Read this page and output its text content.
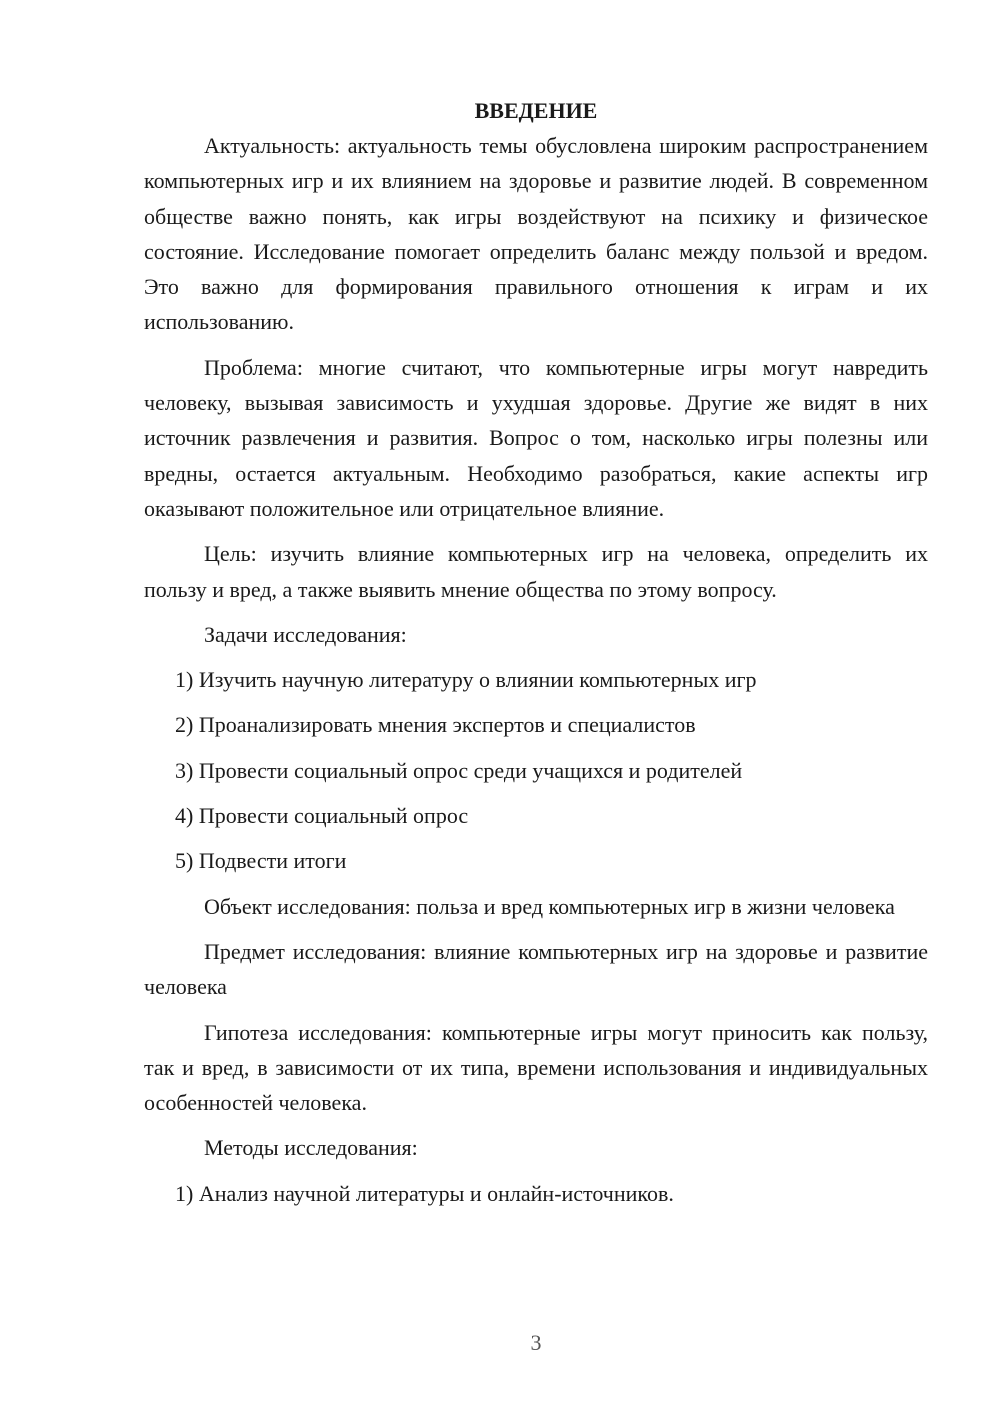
ВВЕДЕНИЕ

Актуальность: актуальность темы обусловлена широким распространением компьютерных игр и их влиянием на здоровье и развитие людей. В современном обществе важно понять, как игры воздействуют на психику и физическое состояние. Исследование помогает определить баланс между пользой и вредом. Это важно для формирования правильного отношения к играм и их использованию.

Проблема: многие считают, что компьютерные игры могут навредить человеку, вызывая зависимость и ухудшая здоровье. Другие же видят в них источник развлечения и развития. Вопрос о том, насколько игры полезны или вредны, остается актуальным. Необходимо разобраться, какие аспекты игр оказывают положительное или отрицательное влияние.

Цель: изучить влияние компьютерных игр на человека, определить их пользу и вред, а также выявить мнение общества по этому вопросу.

Задачи исследования:

1) Изучить научную литературу о влиянии компьютерных игр

2) Проанализировать мнения экспертов и специалистов

3) Провести социальный опрос среди учащихся и родителей

4) Провести социальный опрос

5) Подвести итоги

Объект исследования: польза и вред компьютерных игр в жизни человека

Предмет исследования: влияние компьютерных игр на здоровье и развитие человека

Гипотеза исследования: компьютерные игры могут приносить как пользу, так и вред, в зависимости от их типа, времени использования и индивидуальных особенностей человека.

Методы исследования:

1) Анализ научной литературы и онлайн-источников.

3
